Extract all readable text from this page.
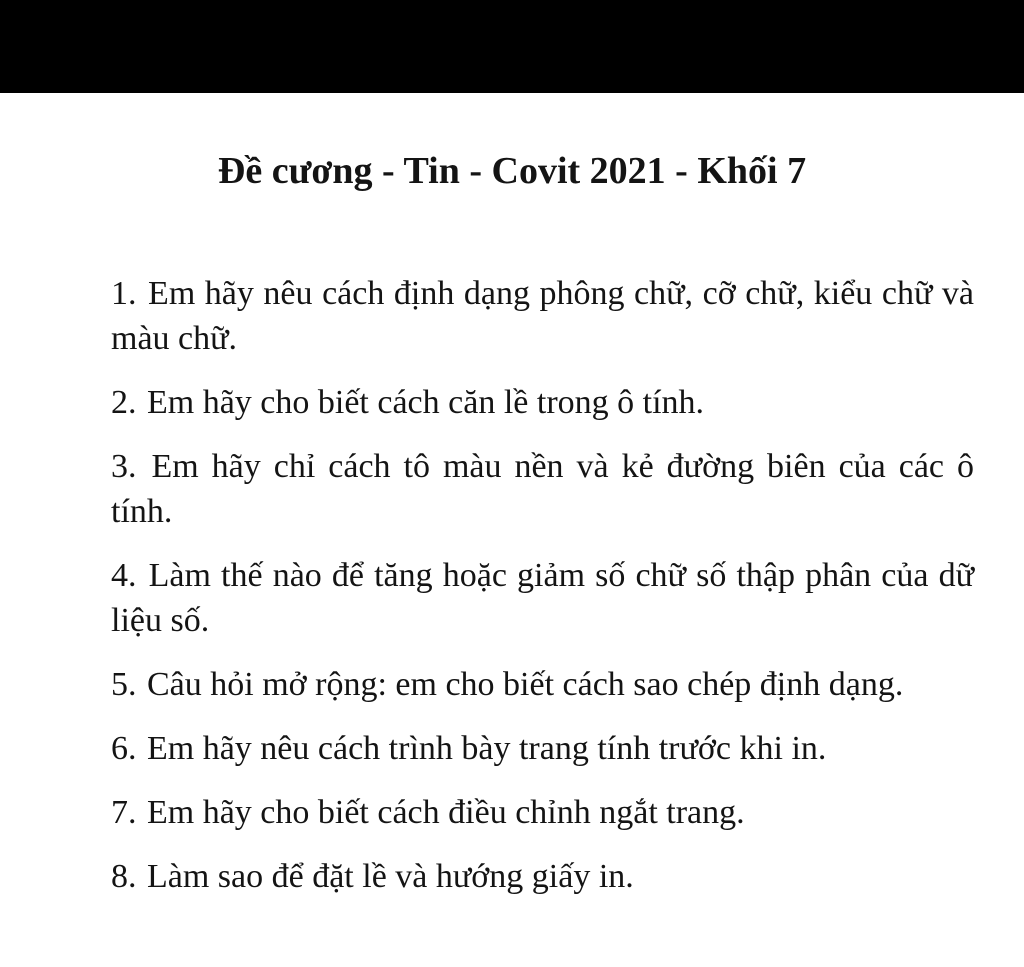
Đề cương - Tin - Covit 2021 - Khối 7
1. Em hãy nêu cách định dạng phông chữ, cỡ chữ, kiểu chữ và màu chữ.
2. Em hãy cho biết cách căn lề trong ô tính.
3. Em hãy chỉ cách tô màu nền và kẻ đường biên của các ô tính.
4. Làm thế nào để tăng hoặc giảm số chữ số thập phân của dữ liệu số.
5. Câu hỏi mở rộng: em cho biết cách sao chép định dạng.
6. Em hãy nêu cách trình bày trang tính trước khi in.
7. Em hãy cho biết cách điều chỉnh ngắt trang.
8. Làm sao để đặt lề và hướng giấy in.
